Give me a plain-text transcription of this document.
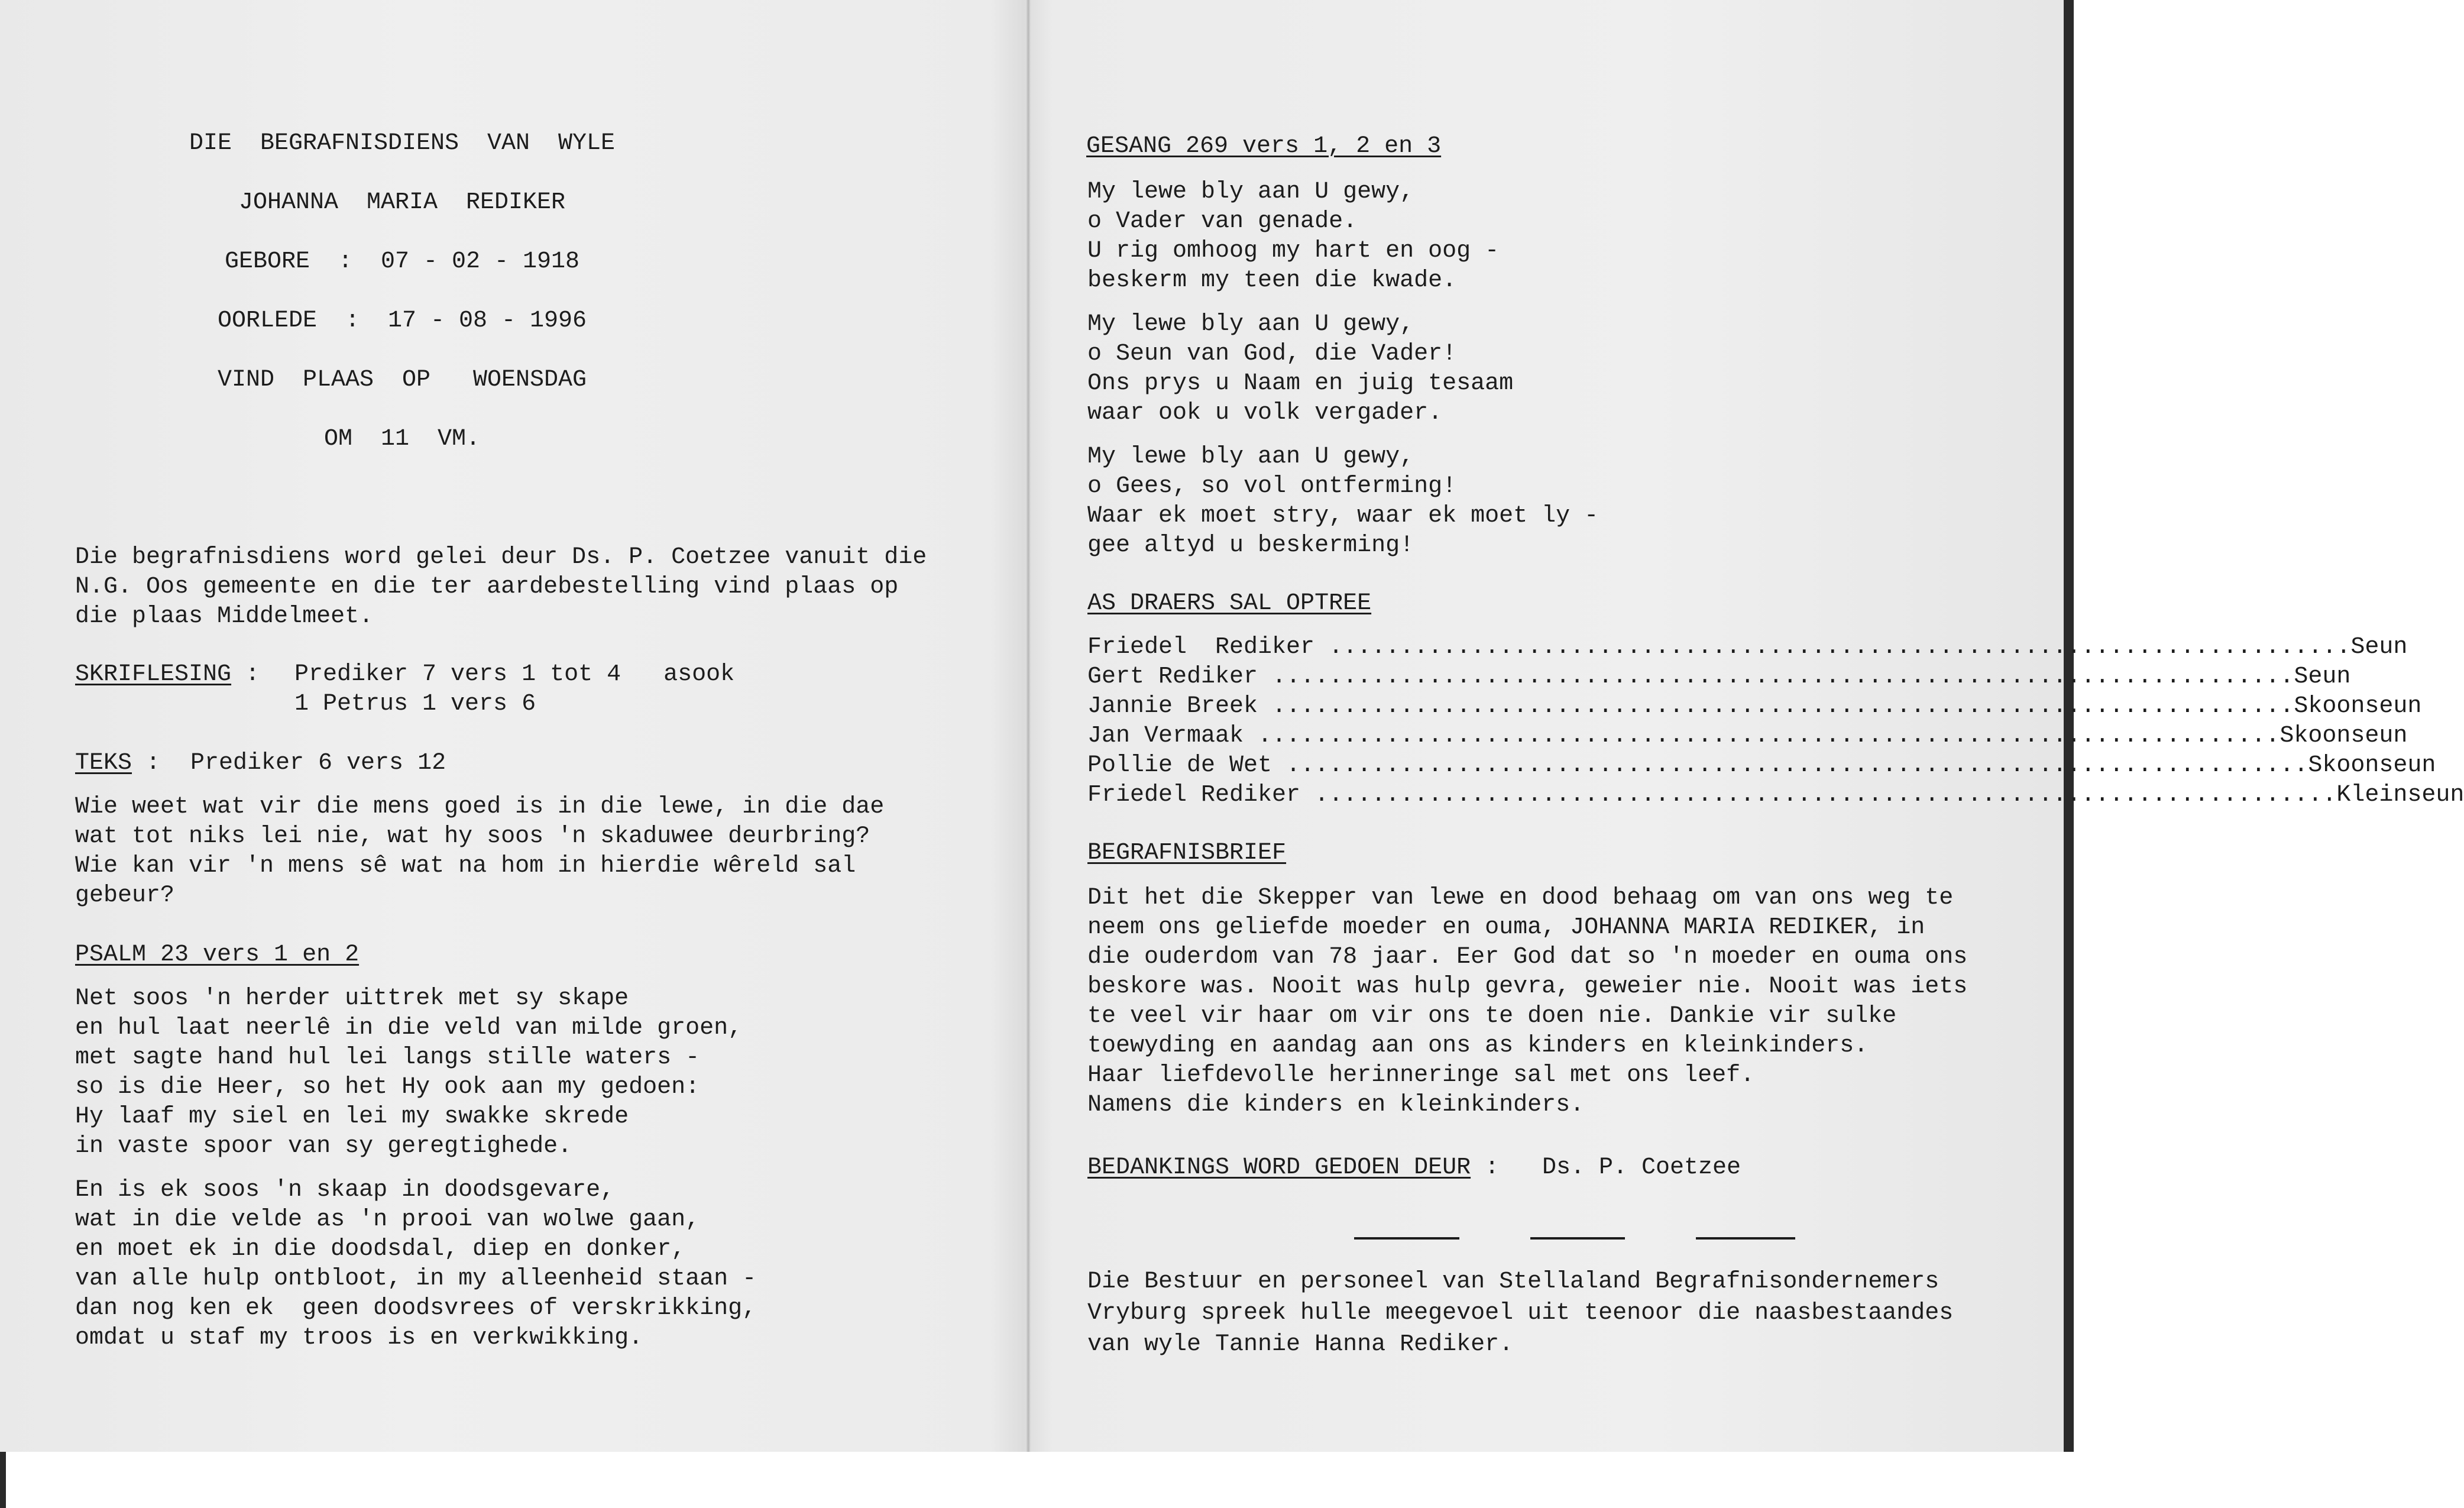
DIE  BEGRAFNISDIENS  VAN  WYLE

JOHANNA  MARIA  REDIKER

GEBORE  :  07 - 02 - 1918

OORLEDE  :  17 - 08 - 1996

VIND  PLAAS  OP   WOENSDAG

OM  11  VM.

Die begrafnisdiens word gelei deur Ds. P. Coetzee vanuit die

N.G. Oos gemeente en die ter aardebestelling vind plaas op

die plaas Middelmeet.

SKRIFLESING : Prediker 7 vers 1 tot 4   asook

1 Petrus 1 vers 6

TEKS : Prediker 6 vers 12

Wie weet wat vir die mens goed is in die lewe, in die dae

wat tot niks lei nie, wat hy soos 'n skaduwee deurbring?

Wie kan vir 'n mens sê wat na hom in hierdie wêreld sal

gebeur?

PSALM 23 vers 1 en 2

Net soos 'n herder uittrek met sy skape

en hul laat neerlê in die veld van milde groen,

met sagte hand hul lei langs stille waters -

so is die Heer, so het Hy ook aan my gedoen:

Hy laaf my siel en lei my swakke skrede

in vaste spoor van sy geregtighede.

En is ek soos 'n skaap in doodsgevare,

wat in die velde as 'n prooi van wolwe gaan,

en moet ek in die doodsdal, diep en donker,

van alle hulp ontbloot, in my alleenheid staan -

dan nog ken ek  geen doodsvrees of verskrikking,

omdat u staf my troos is en verkwikking.

GESANG 269 vers 1, 2 en 3

My lewe bly aan U gewy,

o Vader van genade.

U rig omhoog my hart en oog -

beskerm my teen die kwade.

My lewe bly aan U gewy,

o Seun van God, die Vader!

Ons prys u Naam en juig tesaam

waar ook u volk vergader.

My lewe bly aan U gewy,

o Gees, so vol ontferming!

Waar ek moet stry, waar ek moet ly -

gee altyd u beskerming!

AS DRAERS SAL OPTREE

Friedel  Rediker ........................................................................ Seun
Gert Rediker ........................................................................ Seun
Jannie Breek ........................................................................ Skoonseun
Jan Vermaak ........................................................................ Skoonseun
Pollie de Wet ........................................................................ Skoonseun
Friedel Rediker ........................................................................ Kleinseun

BEGRAFNISBRIEF

Dit het die Skepper van lewe en dood behaag om van ons weg te

neem ons geliefde moeder en ouma, JOHANNA MARIA REDIKER, in

die ouderdom van 78 jaar. Eer God dat so 'n moeder en ouma ons

beskore was. Nooit was hulp gevra, geweier nie. Nooit was iets

te veel vir haar om vir ons te doen nie. Dankie vir sulke

toewyding en aandag aan ons as kinders en kleinkinders.

Haar liefdevolle herinneringe sal met ons leef.

Namens die kinders en kleinkinders.

BEDANKINGS WORD GEDOEN DEUR : Ds. P. Coetzee

Die Bestuur en personeel van Stellaland Begrafnisondernemers

Vryburg spreek hulle meegevoel uit teenoor die naasbestaandes

van wyle Tannie Hanna Rediker.
